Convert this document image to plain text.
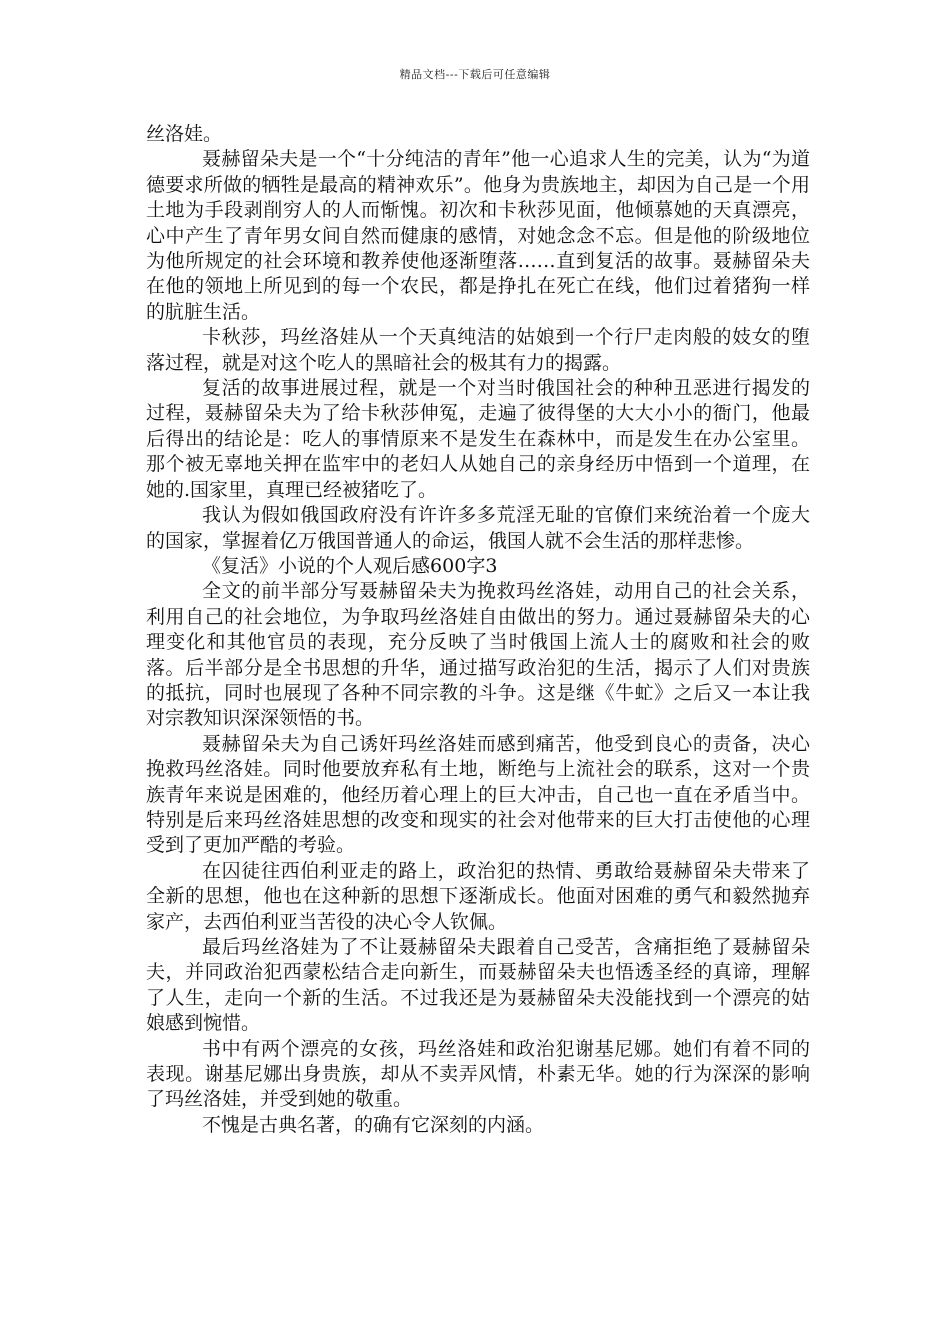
精品文档---下载后可任意编辑

丝洛娃。

聂赫留朵夫是一个“十分纯洁的青年”他一心追求人生的完美，认为“为道德要求所做的牺牲是最高的精神欢乐”。他身为贵族地主，却因为自己是一个用土地为手段剥削穷人的人而惭愧。初次和卡秋莎见面，他倾慕她的天真漂亮，心中产生了青年男女间自然而健康的感情，对她念念不忘。但是他的阶级地位为他所规定的社会环境和教养使他逐渐堕落……直到复活的故事。聂赫留朵夫在他的领地上所见到的每一个农民，都是挣扎在死亡在线，他们过着猪狗一样的肮脏生活。

卡秋莎，玛丝洛娃从一个天真纯洁的姑娘到一个行尸走肉般的妓女的堕落过程，就是对这个吃人的黑暗社会的极其有力的揭露。

复活的故事进展过程，就是一个对当时俄国社会的种种丑恶进行揭发的过程，聂赫留朵夫为了给卡秋莎伸冤，走遍了彼得堡的大大小小的衙门，他最后得出的结论是：吃人的事情原来不是发生在森林中，而是发生在办公室里。那个被无辜地关押在监牢中的老妇人从她自己的亲身经历中悟到一个道理，在她的.国家里，真理已经被猪吃了。

我认为假如俄国政府没有许许多多荒淫无耻的官僚们来统治着一个庞大的国家，掌握着亿万俄国普通人的命运，俄国人就不会生活的那样悲惨。

《复活》小说的个人观后感600字3

全文的前半部分写聂赫留朵夫为挽救玛丝洛娃，动用自己的社会关系，利用自己的社会地位，为争取玛丝洛娃自由做出的努力。通过聂赫留朵夫的心理变化和其他官员的表现，充分反映了当时俄国上流人士的腐败和社会的败落。后半部分是全书思想的升华，通过描写政治犯的生活，揭示了人们对贵族的抵抗，同时也展现了各种不同宗教的斗争。这是继《牛虻》之后又一本让我对宗教知识深深领悟的书。

聂赫留朵夫为自己诱奸玛丝洛娃而感到痛苦，他受到良心的责备，决心挽救玛丝洛娃。同时他要放弃私有土地，断绝与上流社会的联系，这对一个贵族青年来说是困难的，他经历着心理上的巨大冲击，自己也一直在矛盾当中。特别是后来玛丝洛娃思想的改变和现实的社会对他带来的巨大打击使他的心理受到了更加严酷的考验。

在囚徒往西伯利亚走的路上，政治犯的热情、勇敢给聂赫留朵夫带来了全新的思想，他也在这种新的思想下逐渐成长。他面对困难的勇气和毅然抛弃家产，去西伯利亚当苦役的决心令人钦佩。

最后玛丝洛娃为了不让聂赫留朵夫跟着自己受苦，含痛拒绝了聂赫留朵夫，并同政治犯西蒙松结合走向新生，而聂赫留朵夫也悟透圣经的真谛，理解了人生，走向一个新的生活。不过我还是为聂赫留朵夫没能找到一个漂亮的姑娘感到惋惜。

书中有两个漂亮的女孩，玛丝洛娃和政治犯谢基尼娜。她们有着不同的表现。谢基尼娜出身贵族，却从不卖弄风情，朴素无华。她的行为深深的影响了玛丝洛娃，并受到她的敬重。

不愧是古典名著，的确有它深刻的内涵。
